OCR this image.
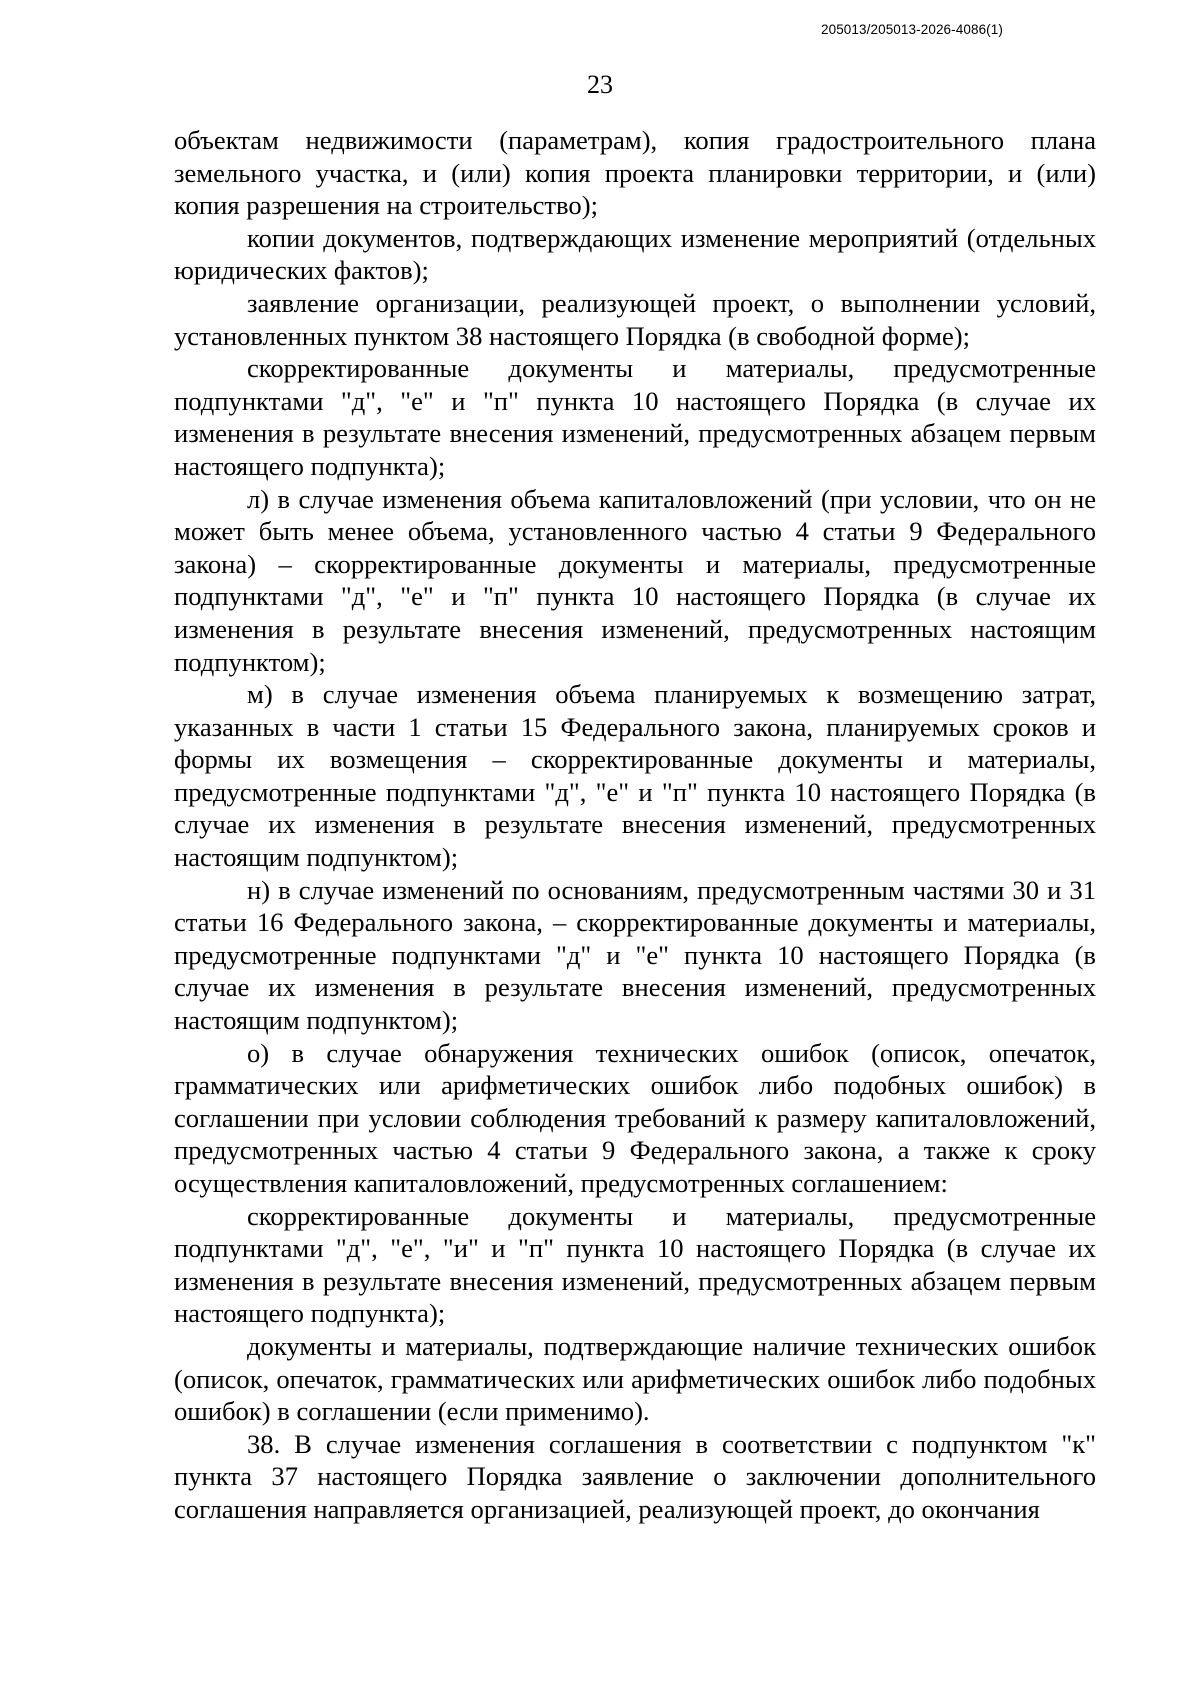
205013/205013-2026-4086(1)
23

объектам недвижимости (параметрам), копия градостроительного плана земельного участка, и (или) копия проекта планировки территории, и (или) копия разрешения на строительство);

копии документов, подтверждающих изменение мероприятий (отдельных юридических фактов);

заявление организации, реализующей проект, о выполнении условий, установленных пунктом 38 настоящего Порядка (в свободной форме);

скорректированные документы и материалы, предусмотренные подпунктами "д", "е" и "п" пункта 10 настоящего Порядка (в случае их изменения в результате внесения изменений, предусмотренных абзацем первым настоящего подпункта);

л) в случае изменения объема капиталовложений (при условии, что он не может быть менее объема, установленного частью 4 статьи 9 Федерального закона) – скорректированные документы и материалы, предусмотренные подпунктами "д", "е" и "п" пункта 10 настоящего Порядка (в случае их изменения в результате внесения изменений, предусмотренных настоящим подпунктом);

м) в случае изменения объема планируемых к возмещению затрат, указанных в части 1 статьи 15 Федерального закона, планируемых сроков и формы их возмещения – скорректированные документы и материалы, предусмотренные подпунктами "д", "е" и "п" пункта 10 настоящего Порядка (в случае их изменения в результате внесения изменений, предусмотренных настоящим подпунктом);

н) в случае изменений по основаниям, предусмотренным частями 30 и 31 статьи 16 Федерального закона, – скорректированные документы и материалы, предусмотренные подпунктами "д" и "е" пункта 10 настоящего Порядка (в случае их изменения в результате внесения изменений, предусмотренных настоящим подпунктом);

о) в случае обнаружения технических ошибок (описок, опечаток, грамматических или арифметических ошибок либо подобных ошибок) в соглашении при условии соблюдения требований к размеру капиталовложений, предусмотренных частью 4 статьи 9 Федерального закона, а также к сроку осуществления капиталовложений, предусмотренных соглашением:

скорректированные документы и материалы, предусмотренные подпунктами "д", "е", "и" и "п" пункта 10 настоящего Порядка (в случае их изменения в результате внесения изменений, предусмотренных абзацем первым настоящего подпункта);

документы и материалы, подтверждающие наличие технических ошибок (описок, опечаток, грамматических или арифметических ошибок либо подобных ошибок) в соглашении (если применимо).

38. В случае изменения соглашения в соответствии с подпунктом "к" пункта 37 настоящего Порядка заявление о заключении дополнительного соглашения направляется организацией, реализующей проект, до окончания
